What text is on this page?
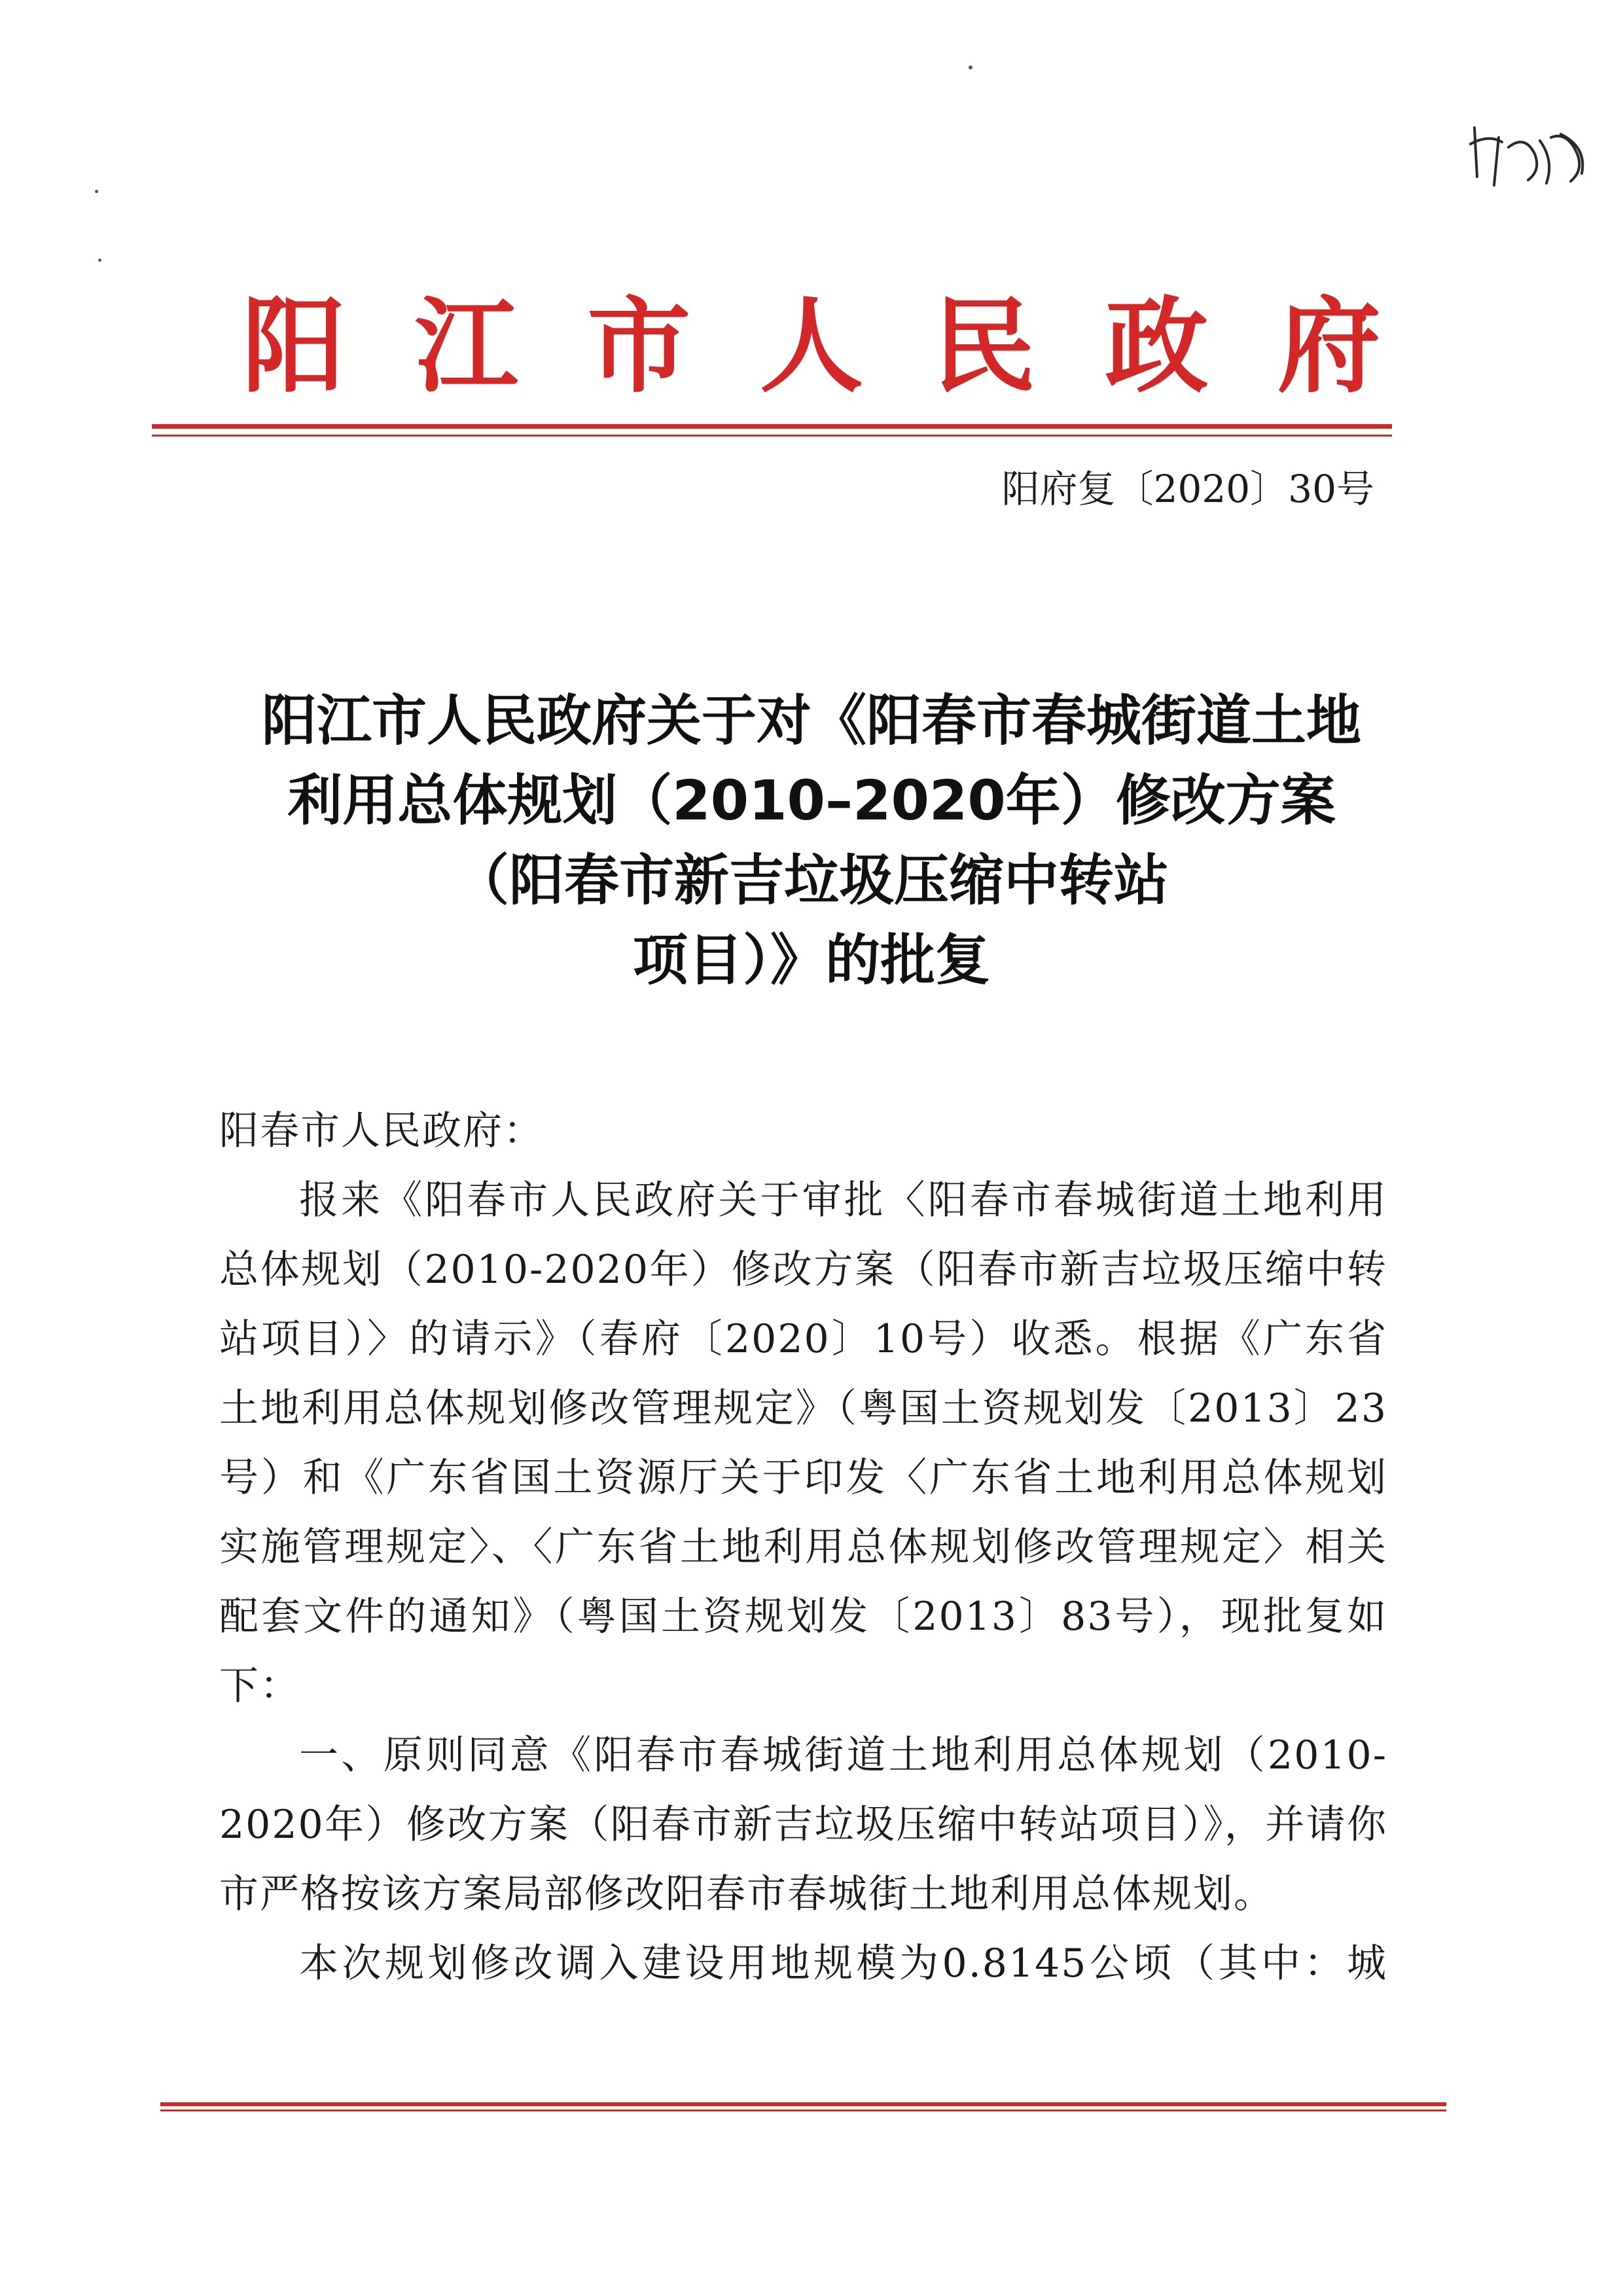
阳 江 市 人 民 政 府
阳府复〔2020〕30号
阳江市人民政府关于对《阳春市春城街道土地
利用总体规划（2010–2020年）修改方案
（阳春市新吉垃圾压缩中转站
项目）》的批复

阳春市人民政府：

报来《阳春市人民政府关于审批〈阳春市春城街道土地利用总体规划（2010-2020年）修改方案（阳春市新吉垃圾压缩中转站项目）〉的请示》（春府〔2020〕10号）收悉。根据《广东省土地利用总体规划修改管理规定》（粤国土资规划发〔2013〕23号）和《广东省国土资源厅关于印发〈广东省土地利用总体规划实施管理规定〉、〈广东省土地利用总体规划修改管理规定〉相关配套文件的通知》（粤国土资规划发〔2013〕83号），现批复如下：

一、原则同意《阳春市春城街道土地利用总体规划（2010-2020年）修改方案（阳春市新吉垃圾压缩中转站项目）》，并请你市严格按该方案局部修改阳春市春城街土地利用总体规划。

本次规划修改调入建设用地规模为0.8145公顷（其中：城
